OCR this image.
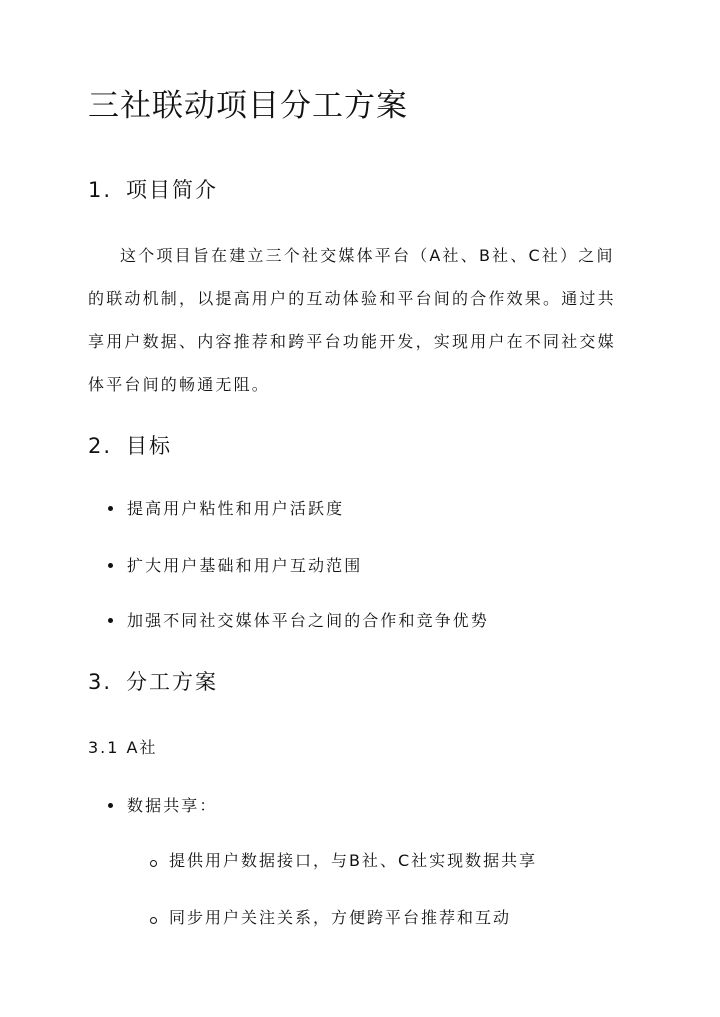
三社联动项目分工方案
1. 项目简介
这个项目旨在建立三个社交媒体平台（A社、B社、C社）之间
的联动机制，以提高用户的互动体验和平台间的合作效果。通过共
享用户数据、内容推荐和跨平台功能开发，实现用户在不同社交媒
体平台间的畅通无阻。
2. 目标
提高用户粘性和用户活跃度
扩大用户基础和用户互动范围
加强不同社交媒体平台之间的合作和竞争优势
3. 分工方案
3.1 A社
数据共享：
提供用户数据接口，与B社、C社实现数据共享
同步用户关注关系，方便跨平台推荐和互动
